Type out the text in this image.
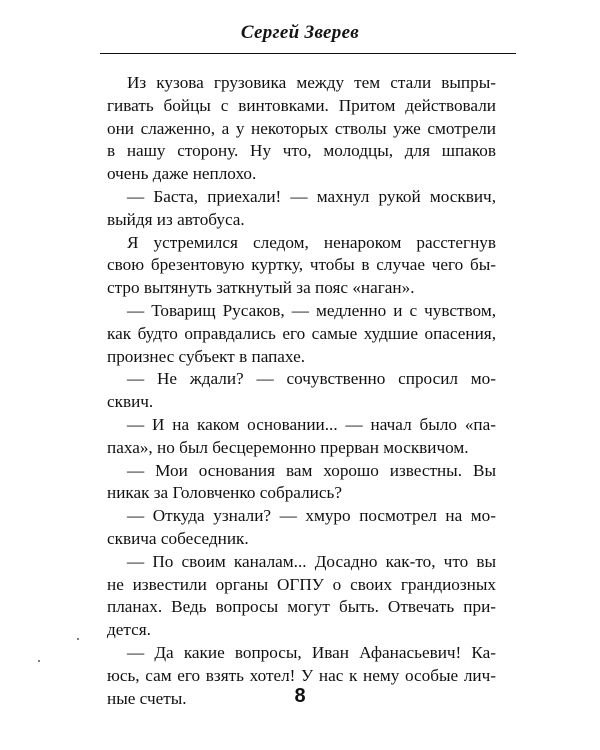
Сергей Зверев
Из кузова грузовика между тем стали выпры-
гивать бойцы с винтовками. Притом действовали
они слаженно, а у некоторых стволы уже смотрели
в нашу сторону. Ну что, молодцы, для шпаков
очень даже неплохо.
— Баста, приехали! — махнул рукой москвич,
выйдя из автобуса.
Я устремился следом, ненароком расстегнув
свою брезентовую куртку, чтобы в случае чего бы-
стро вытянуть заткнутый за пояс «наган».
— Товарищ Русаков, — медленно и с чувством,
как будто оправдались его самые худшие опасения,
произнес субъект в папахе.
— Не ждали? — сочувственно спросил мо-
сквич.
— И на каком основании... — начал было «па-
паха», но был бесцеремонно прерван москвичом.
— Мои основания вам хорошо известны. Вы
никак за Головченко собрались?
— Откуда узнали? — хмуро посмотрел на мо-
сквича собеседник.
— По своим каналам... Досадно как-то, что вы
не известили органы ОГПУ о своих грандиозных
планах. Ведь вопросы могут быть. Отвечать при-
дется.
— Да какие вопросы, Иван Афанасьевич! Ка-
юсь, сам его взять хотел! У нас к нему особые лич-
ные счеты.	8
